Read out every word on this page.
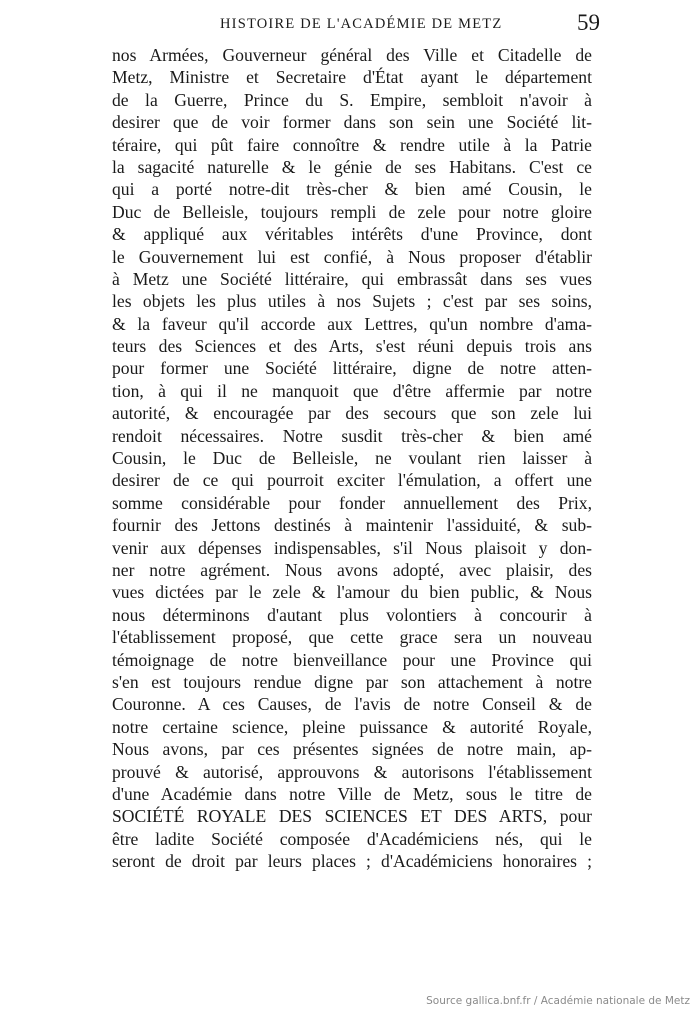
HISTOIRE DE L'ACADÉMIE DE METZ	59
nos Armées, Gouverneur général des Ville et Citadelle de
Metz, Ministre et Secretaire d'État ayant le département
de la Guerre, Prince du S. Empire, sembloit n'avoir à
desirer que de voir former dans son sein une Société lit-
téraire, qui pût faire connoître & rendre utile à la Patrie
la sagacité naturelle & le génie de ses Habitans. C'est ce
qui a porté notre-dit très-cher & bien amé Cousin, le
Duc de Belleisle, toujours rempli de zele pour notre gloire
& appliqué aux véritables intérêts d'une Province, dont
le Gouvernement lui est confié, à Nous proposer d'établir
à Metz une Société littéraire, qui embrassât dans ses vues
les objets les plus utiles à nos Sujets ; c'est par ses soins,
& la faveur qu'il accorde aux Lettres, qu'un nombre d'ama-
teurs des Sciences et des Arts, s'est réuni depuis trois ans
pour former une Société littéraire, digne de notre atten-
tion, à qui il ne manquoit que d'être affermie par notre
autorité, & encouragée par des secours que son zele lui
rendoit nécessaires. Notre susdit très-cher & bien amé
Cousin, le Duc de Belleisle, ne voulant rien laisser à
desirer de ce qui pourroit exciter l'émulation, a offert une
somme considérable pour fonder annuellement des Prix,
fournir des Jettons destinés à maintenir l'assiduité, & sub-
venir aux dépenses indispensables, s'il Nous plaisoit y don-
ner notre agrément. Nous avons adopté, avec plaisir, des
vues dictées par le zele & l'amour du bien public, & Nous
nous déterminons d'autant plus volontiers à concourir à
l'établissement proposé, que cette grace sera un nouveau
témoignage de notre bienveillance pour une Province qui
s'en est toujours rendue digne par son attachement à notre
Couronne. A ces Causes, de l'avis de notre Conseil & de
notre certaine science, pleine puissance & autorité Royale,
Nous avons, par ces présentes signées de notre main, ap-
prouvé & autorisé, approuvons & autorisons l'établissement
d'une Académie dans notre Ville de Metz, sous le titre de
SOCIÉTÉ ROYALE DES SCIENCES ET DES ARTS, pour
être ladite Société composée d'Académiciens nés, qui le
seront de droit par leurs places ; d'Académiciens honoraires ;
Source gallica.bnf.fr / Académie nationale de Metz
